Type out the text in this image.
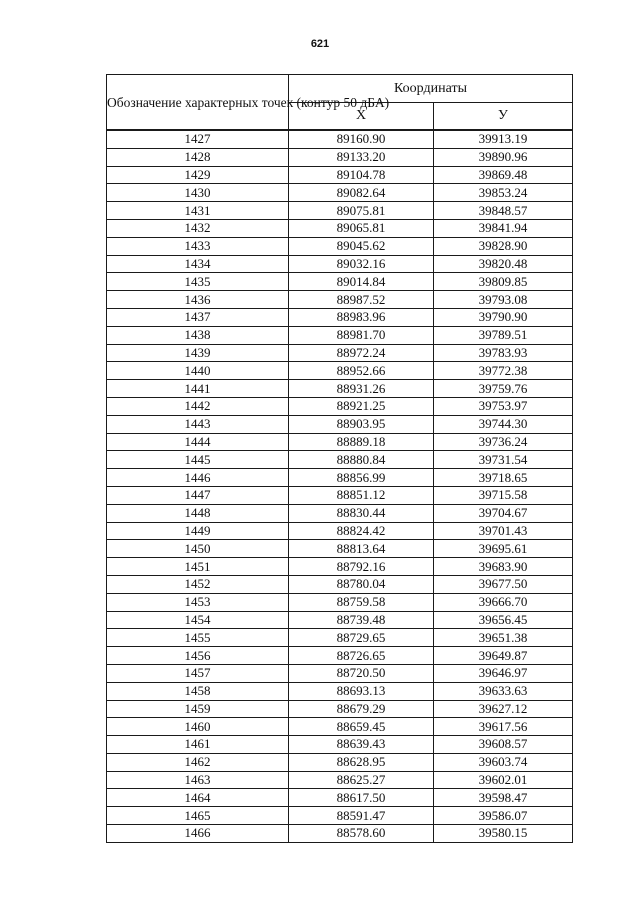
621
Обозначение характерных точек (контур 50 дБА)	Координаты	
	X	У
1427	89160.90	39913.19
1428	89133.20	39890.96
1429	89104.78	39869.48
1430	89082.64	39853.24
1431	89075.81	39848.57
1432	89065.81	39841.94
1433	89045.62	39828.90
1434	89032.16	39820.48
1435	89014.84	39809.85
1436	88987.52	39793.08
1437	88983.96	39790.90
1438	88981.70	39789.51
1439	88972.24	39783.93
1440	88952.66	39772.38
1441	88931.26	39759.76
1442	88921.25	39753.97
1443	88903.95	39744.30
1444	88889.18	39736.24
1445	88880.84	39731.54
1446	88856.99	39718.65
1447	88851.12	39715.58
1448	88830.44	39704.67
1449	88824.42	39701.43
1450	88813.64	39695.61
1451	88792.16	39683.90
1452	88780.04	39677.50
1453	88759.58	39666.70
1454	88739.48	39656.45
1455	88729.65	39651.38
1456	88726.65	39649.87
1457	88720.50	39646.97
1458	88693.13	39633.63
1459	88679.29	39627.12
1460	88659.45	39617.56
1461	88639.43	39608.57
1462	88628.95	39603.74
1463	88625.27	39602.01
1464	88617.50	39598.47
1465	88591.47	39586.07
1466	88578.60	39580.15
